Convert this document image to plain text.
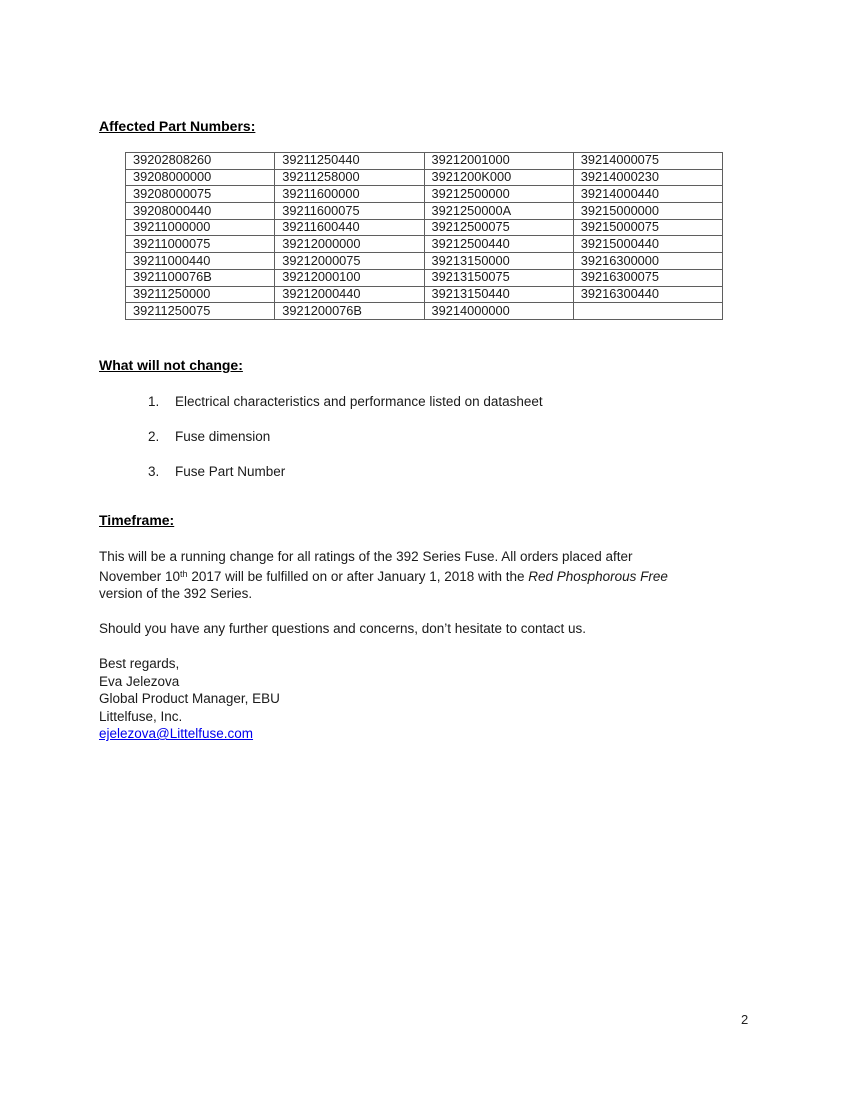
Affected Part Numbers:
39202808260	39211250440	39212001000	39214000075
39208000000	39211258000	3921200K000	39214000230
39208000075	39211600000	39212500000	39214000440
39208000440	39211600075	3921250000A	39215000000
39211000000	39211600440	39212500075	39215000075
39211000075	39212000000	39212500440	39215000440
39211000440	39212000075	39213150000	39216300000
3921100076B	39212000100	39213150075	39216300075
39211250000	39212000440	39213150440	39216300440
39211250075	3921200076B	39214000000	
What will not change:
1. Electrical characteristics and performance listed on datasheet
2. Fuse dimension
3. Fuse Part Number
Timeframe:
This will be a running change for all ratings of the 392 Series Fuse. All orders placed after
November 10th 2017 will be fulfilled on or after January 1, 2018 with the Red Phosphorous Free
version of the 392 Series.
Should you have any further questions and concerns, don’t hesitate to contact us.
Best regards,
Eva Jelezova
Global Product Manager, EBU
Littelfuse, Inc.
ejelezova@Littelfuse.com
2
